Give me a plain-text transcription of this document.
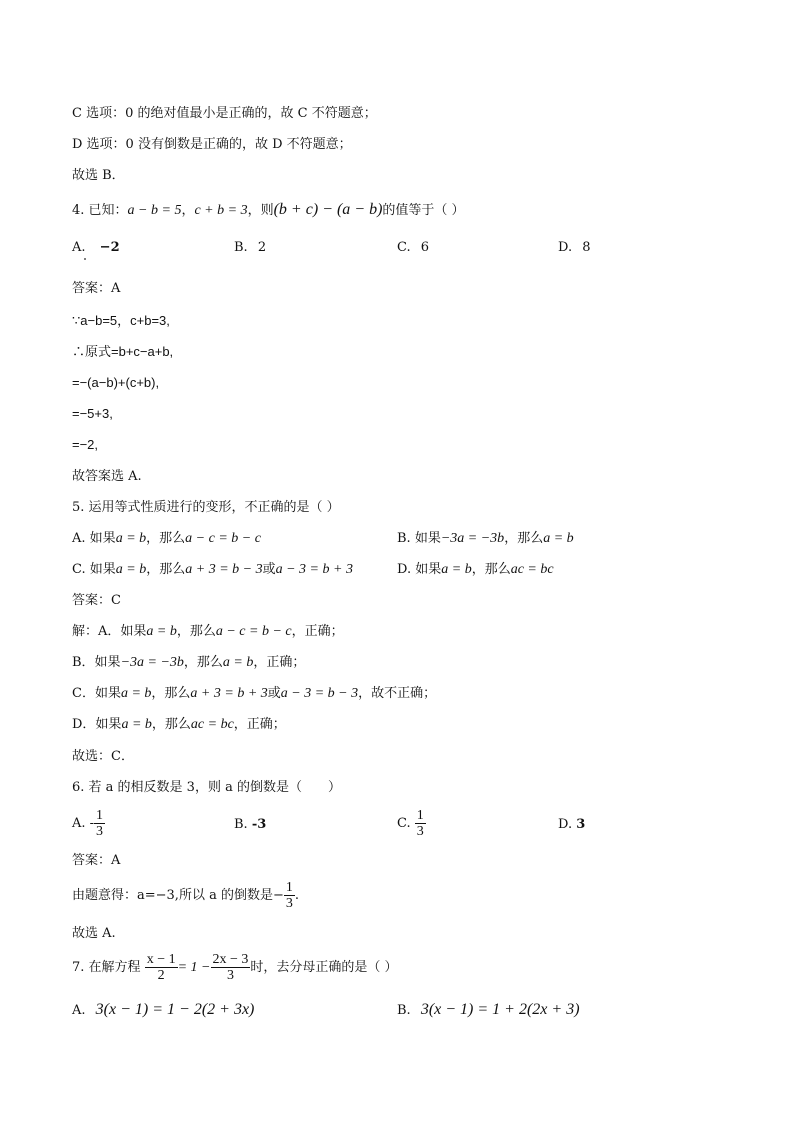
C 选项：0 的绝对值最小是正确的，故 C 不符题意；
D 选项：0 没有倒数是正确的，故 D 不符题意；
故选 B．
4. 已知：a − b = 5，c + b = 3，则(b + c) − (a − b)的值等于（ ）
A. −2	B. 2	C. 6	D. 8
答案：A
∵a−b=5，c+b=3,
∴原式=b+c−a+b,
=−(a−b)+(c+b),
=−5+3,
=−2,
故答案选 A.
5. 运用等式性质进行的变形，不正确的是（ ）
A. 如果a = b，那么a − c = b − c	B. 如果−3a = −3b，那么a = b
C. 如果a = b，那么a + 3 = b − 3或a − 3 = b + 3	D. 如果a = b，那么ac = bc
答案：C
解：A．如果a = b，那么a − c = b − c，正确；
B．如果−3a = −3b，那么a = b，正确；
C．如果a = b，那么a + 3 = b + 3或a − 3 = b − 3，故不正确；
D．如果a = b，那么ac = bc，正确；
故选：C．
6. 若 a 的相反数是 3，则 a 的倒数是（　　）
A. - $\frac{1}{3}$	B. -3	C. $\frac{1}{3}$	D. 3
答案：A
由题意得：a=−3,所以 a 的倒数是− $\frac{1}{3}$ .
故选 A.
7. 在解方程 $\frac{x - 1}{2} = 1 - \frac{2x - 3}{3}$ 时，去分母正确的是（ ）
A. 3(x − 1) = 1 − 2(2 + 3x)	B. 3(x − 1) = 1 + 2(2x + 3)
